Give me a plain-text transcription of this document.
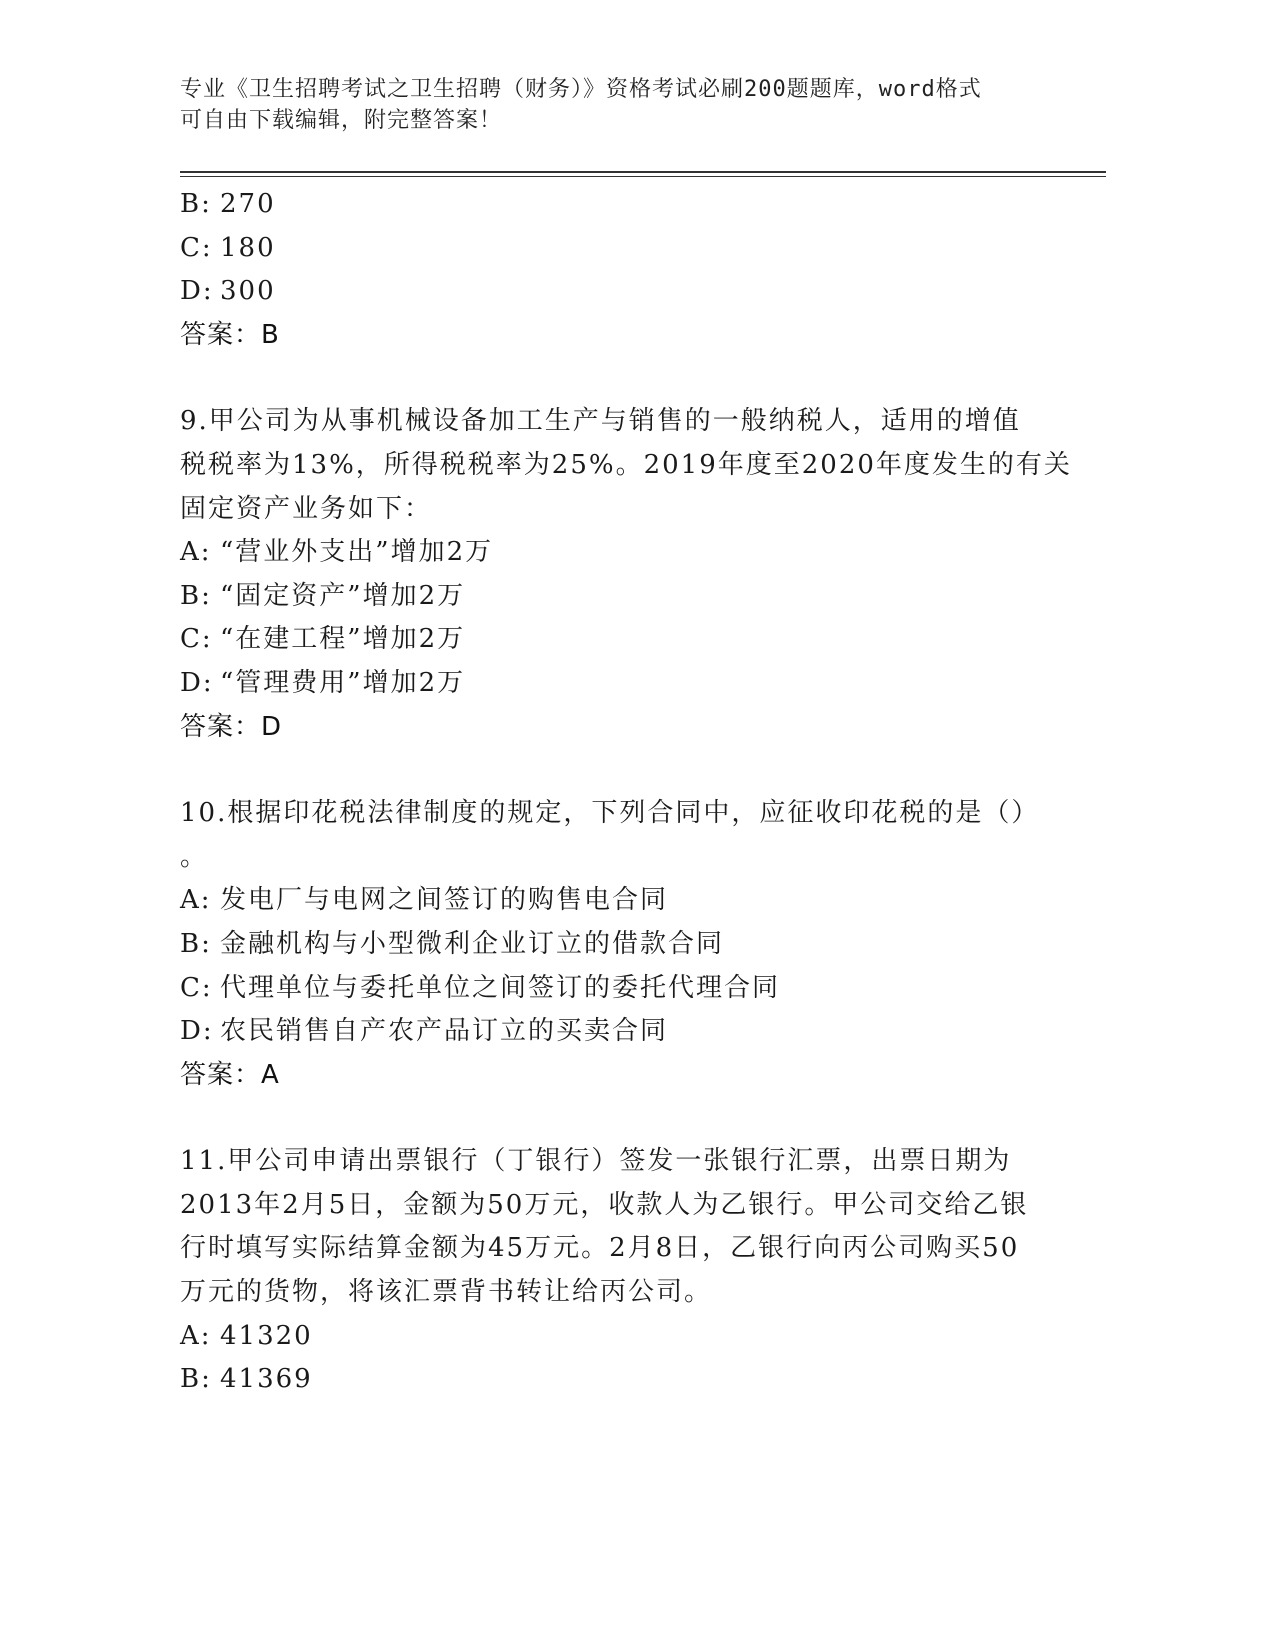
专业《卫生招聘考试之卫生招聘（财务）》资格考试必刷200题题库，word格式
可自由下载编辑，附完整答案！
B: 270
C: 180
D: 300
答案：B
9.甲公司为从事机械设备加工生产与销售的一般纳税人，适用的增值
税税率为13%，所得税税率为25%。2019年度至2020年度发生的有关
固定资产业务如下：
A: “营业外支出”增加2万
B: “固定资产”增加2万
C: “在建工程”增加2万
D: “管理费用”增加2万
答案：D
10.根据印花税法律制度的规定，下列合同中，应征收印花税的是（）
。
A: 发电厂与电网之间签订的购售电合同
B: 金融机构与小型微利企业订立的借款合同
C: 代理单位与委托单位之间签订的委托代理合同
D: 农民销售自产农产品订立的买卖合同
答案：A
11.甲公司申请出票银行（丁银行）签发一张银行汇票，出票日期为
2013年2月5日，金额为50万元，收款人为乙银行。甲公司交给乙银
行时填写实际结算金额为45万元。2月8日，乙银行向丙公司购买50
万元的货物，将该汇票背书转让给丙公司。
A: 41320
B: 41369
